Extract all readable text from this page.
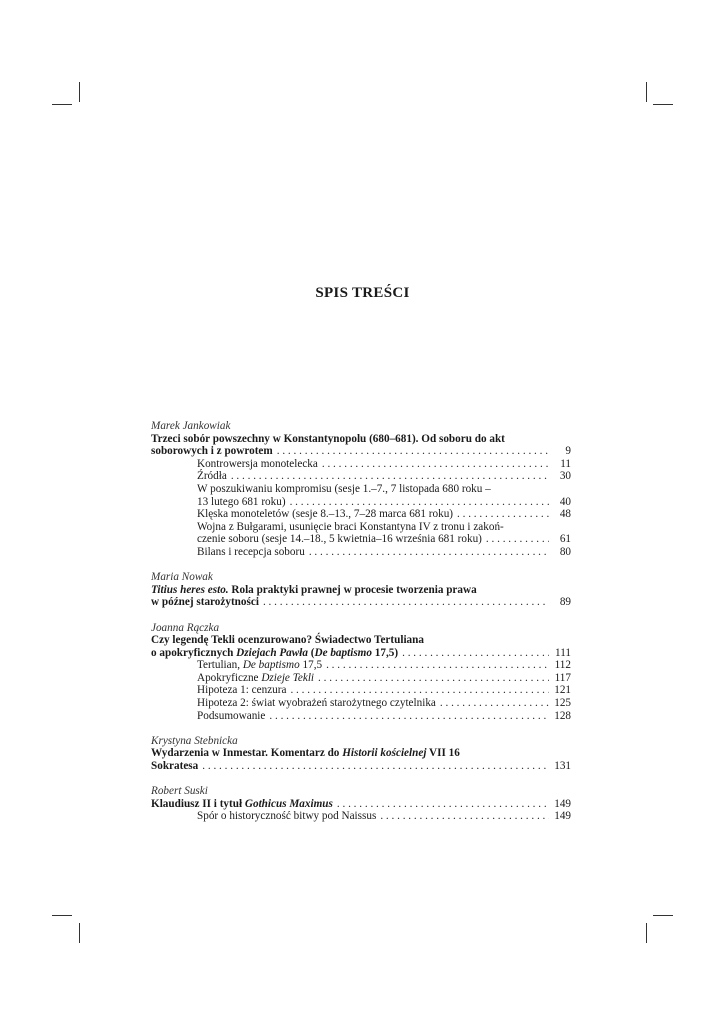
SPIS TREŚCI
Marek Jankowiak
Trzeci sobór powszechny w Konstantynopolu (680–681). Od soboru do akt
soborowych i z powrotem . . .	9
Kontrowersja monotelecka . . .	11
Źródła . . .	30
W poszukiwaniu kompromisu (sesje 1.–7., 7 listopada 680 roku –
13 lutego 681 roku) . . .	40
Klęska monoteletów (sesje 8.–13., 7–28 marca 681 roku) . . .	48
Wojna z Bułgarami, usunięcie braci Konstantyna IV z tronu i zakoń-
czenie soboru (sesje 14.–18., 5 kwietnia–16 września 681 roku) . . .	61
Bilans i recepcja soboru . . .	80
Maria Nowak
Titius heres esto. Rola praktyki prawnej w procesie tworzenia prawa
w późnej starożytności . . .	89
Joanna Rączka
Czy legendę Tekli ocenzurowano? Świadectwo Tertuliana
o apokryficznych Dziejach Pawła (De baptismo 17,5) . . .	111
Tertulian, De baptismo 17,5 . . .	112
Apokryficzne Dzieje Tekli . . .	117
Hipoteza 1: cenzura . . .	121
Hipoteza 2: świat wyobrażeń starożytnego czytelnika . . .	125
Podsumowanie . . .	128
Krystyna Stebnicka
Wydarzenia w Inmestar. Komentarz do Historii kościelnej VII 16
Sokratesa . . .	131
Robert Suski
Klaudiusz II i tytuł Gothicus Maximus . . .	149
Spór o historyczność bitwy pod Naissus . . .	149
